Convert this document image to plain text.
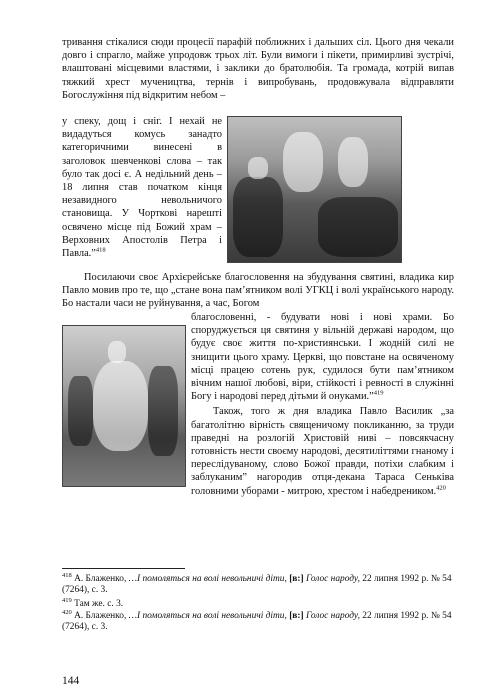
тривання стікалися сюди процесії парафій поближних і дальших сіл. Цього дня чекали довго і спрагло, майже упродовж трьох літ. Були вимоги і пікети, примирливі зустрічі, влаштовані місцевими властями, і заклики до братолюбія. Та громада, котрій випав тяжкий хрест мучеництва, тернів і випробувань, продовжувала відправляти Богослужіння під відкритим небом –

у спеку, дощ і сніг. І нехай не видадуться комусь занадто категоричними винесені в заголовок шевченкові слова – так було так досі є. А недільний день – 18 липня став початком кінця незавидного невольничого становища. У Чорткові нарешті освячено місце під Божий храм – Верховних Апостолів Петра і Павла.”$^{418}$

Посилаючи своє Архієрейське благословення на збудування святині, владика кир Павло мовив про те, що „стане вона пам’ятником волі УГКЦ і волі українського народу. Бо настали часи не руйнування, а час, Богом

благословенні, - будувати нові і нові храми. Бо споруджується ця святиня у вільній державі народом, що будує своє життя по-християнськи. І жодній силі не знищити цього храму. Церкві, що повстане на освяченому місці працею сотень рук, судилося бути пам’ятником вічним нашої любові, віри, стійкості і ревності в служінні Богу і народові перед дітьми й онуками.”$^{419}$

Також, того ж дня владика Павло Василик „за багатолітню вірність священичому покликанню, за труди праведні на розлогій Христовій ниві – повсякчасну готовність нести своєму народові, десятиліттями гнаному і переслідуваному, слово Божої правди, потіхи слабким і заблуканим” нагородив отця-декана Тараса Сеньківа головними уборами - митрою, хрестом і набедреником.$^{420}$

$^{418}$ А. Блаженко, …І помоляться на волі невольничі діти, [в:] Голос народу, 22 липня 1992 р. № 54 (7264), с. 3.
$^{419}$ Там же. с. 3.
$^{420}$ А. Блаженко, …І помоляться на волі невольничі діти, [в:] Голос народу, 22 липня 1992 р. № 54 (7264), с. 3.
144
